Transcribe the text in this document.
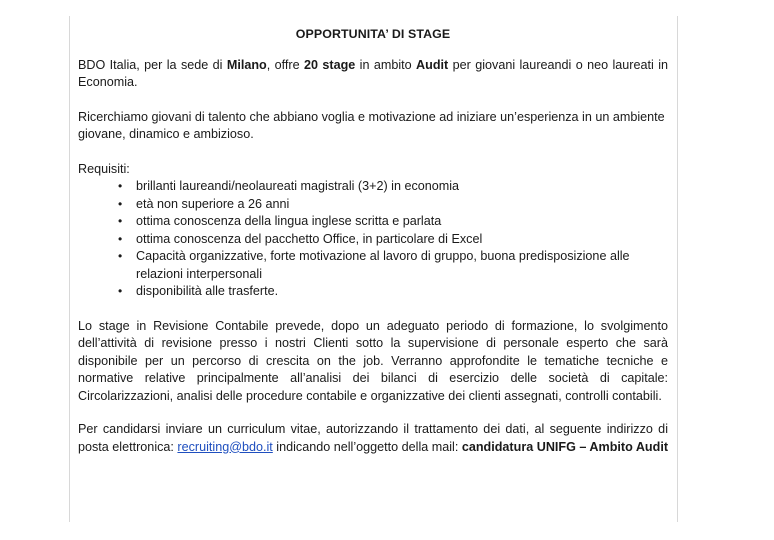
OPPORTUNITA’ DI STAGE

BDO Italia, per la sede di Milano, offre 20 stage in ambito Audit per giovani laureandi o neo laureati in Economia.

Ricerchiamo giovani di talento che abbiano voglia e motivazione ad iniziare un’esperienza in un ambiente giovane, dinamico e ambizioso.

Requisiti:
• brillanti laureandi/neolaureati magistrali (3+2) in economia
• età non superiore a 26 anni
• ottima conoscenza della lingua inglese scritta e parlata
• ottima conoscenza del pacchetto Office, in particolare di Excel
• Capacità organizzative, forte motivazione al lavoro di gruppo, buona predisposizione alle relazioni interpersonali
• disponibilità alle trasferte.

Lo stage in Revisione Contabile prevede, dopo un adeguato periodo di formazione, lo svolgimento dell’attività di revisione presso i nostri Clienti sotto la supervisione di personale esperto che sarà disponibile per un percorso di crescita on the job. Verranno approfondite le tematiche tecniche e normative relative principalmente all’analisi dei bilanci di esercizio delle società di capitale: Circolarizzazioni, analisi delle procedure contabile e organizzative dei clienti assegnati, controlli contabili.

Per candidarsi inviare un curriculum vitae, autorizzando il trattamento dei dati, al seguente indirizzo di posta elettronica: recruiting@bdo.it indicando nell’oggetto della mail: candidatura UNIFG – Ambito Audit
